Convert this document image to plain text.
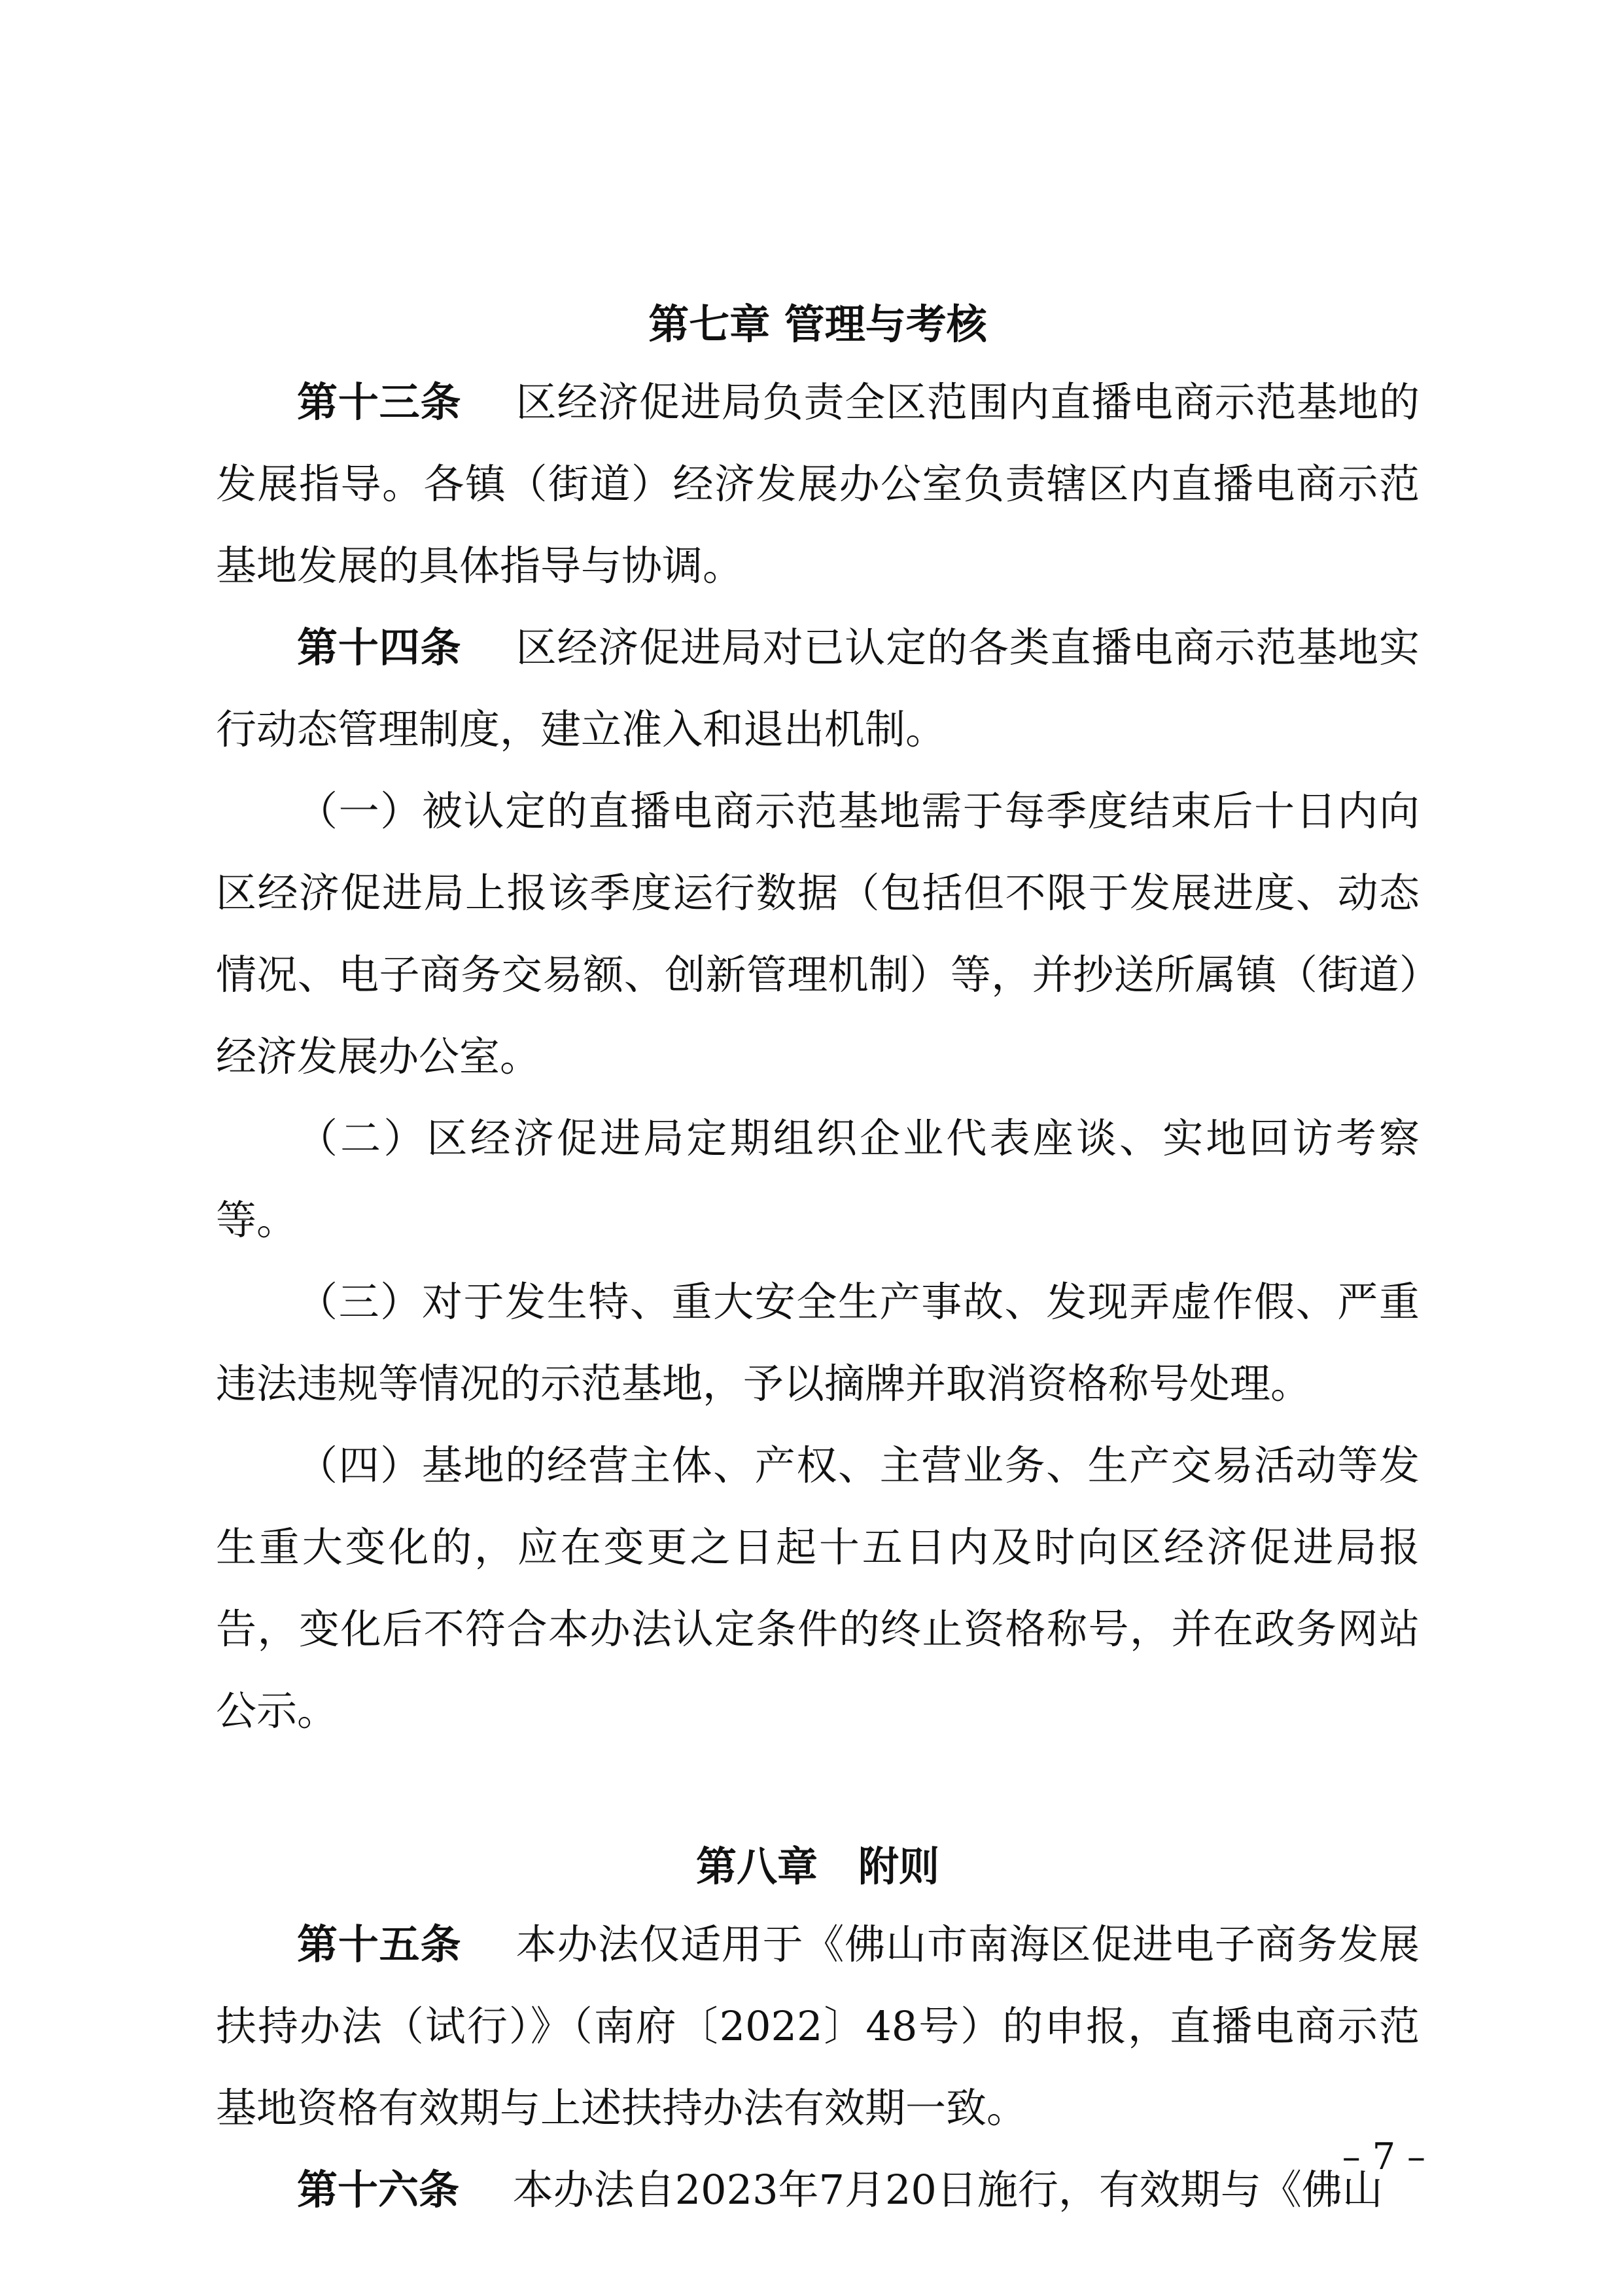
第七章 管理与考核

第十三条　 区经济促进局负责全区范围内直播电商示范基地的发展指导。各镇（街道）经济发展办公室负责辖区内直播电商示范基地发展的具体指导与协调。

第十四条　 区经济促进局对已认定的各类直播电商示范基地实行动态管理制度，建立准入和退出机制。

（一）被认定的直播电商示范基地需于每季度结束后十日内向区经济促进局上报该季度运行数据（包括但不限于发展进度、动态情况、电子商务交易额、创新管理机制）等，并抄送所属镇（街道）经济发展办公室。

（二）区经济促进局定期组织企业代表座谈、实地回访考察等。

（三）对于发生特、重大安全生产事故、发现弄虚作假、严重违法违规等情况的示范基地，予以摘牌并取消资格称号处理。

（四）基地的经营主体、产权、主营业务、生产交易活动等发生重大变化的，应在变更之日起十五日内及时向区经济促进局报告，变化后不符合本办法认定条件的终止资格称号，并在政务网站公示。

第八章　附则

第十五条　 本办法仅适用于《佛山市南海区促进电子商务发展扶持办法（试行）》（南府〔2022〕48号）的申报，直播电商示范基地资格有效期与上述扶持办法有效期一致。

第十六条　 本办法自2023年7月20日施行，有效期与《佛山

– 7 –
